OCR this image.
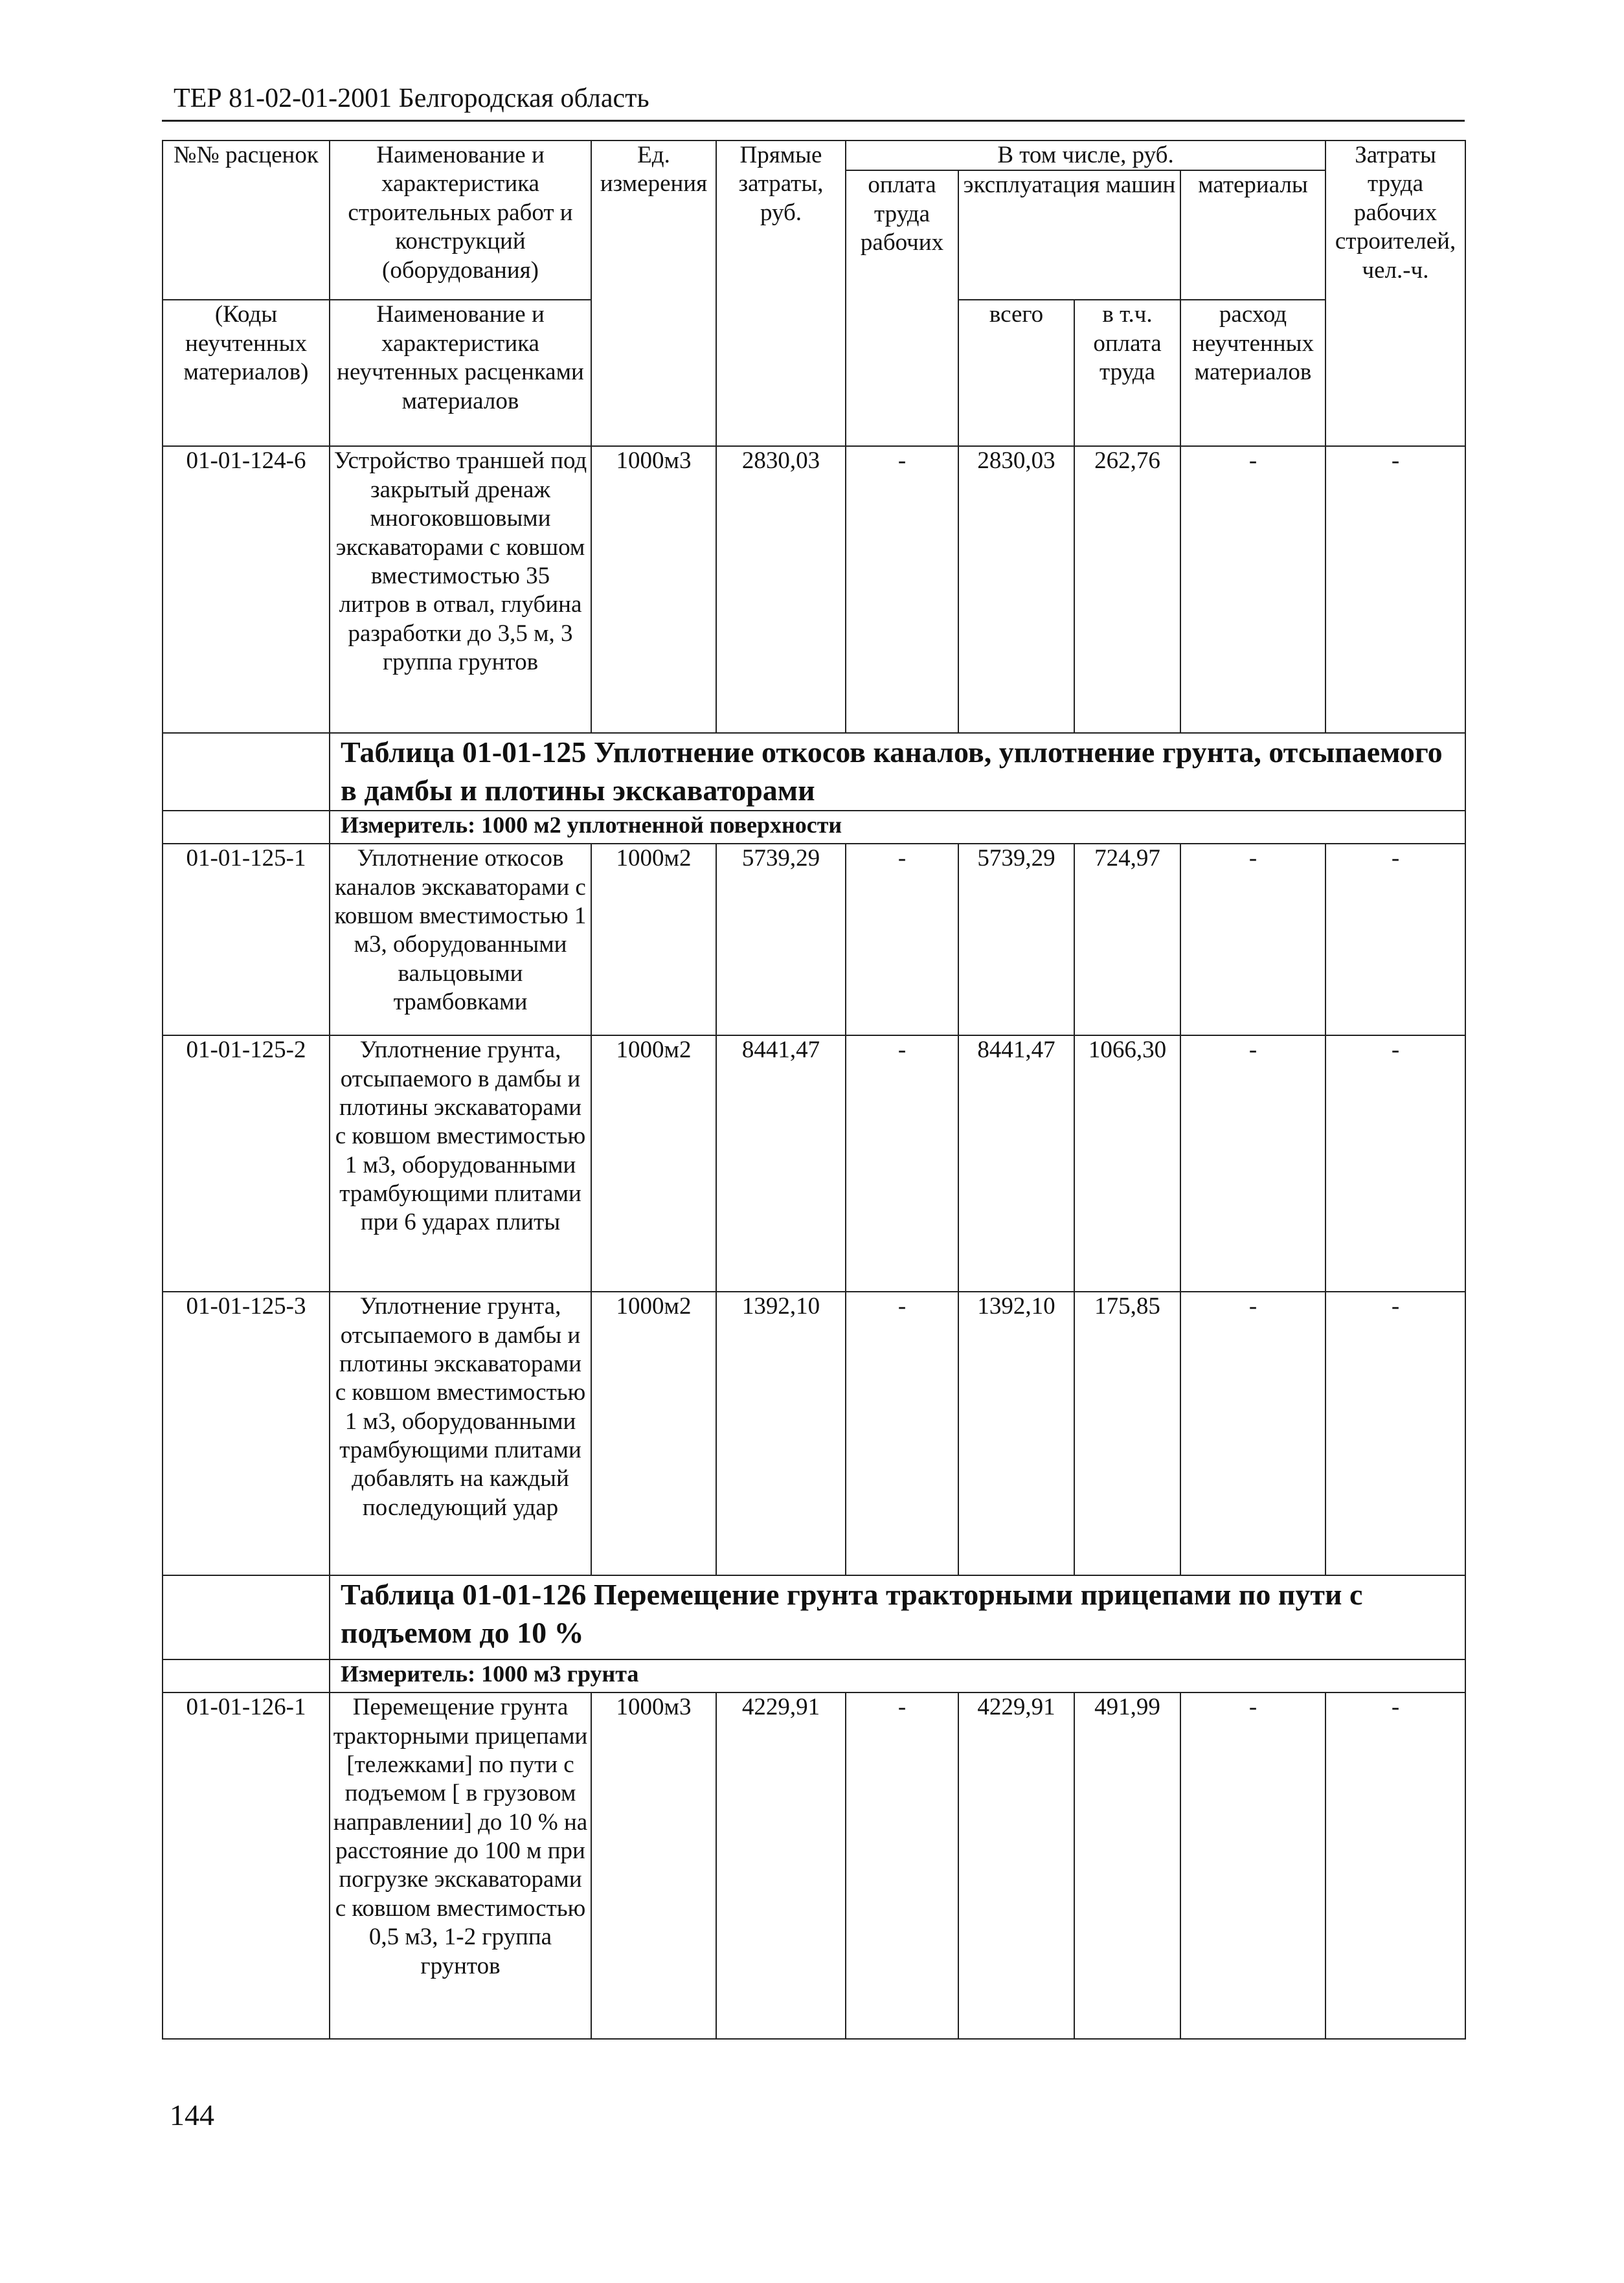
ТЕР 81-02-01-2001 Белгородская область
№№ расценок	Наименование и характеристика строительных работ и конструкций (оборудования)	Ед. измерения	Прямые затраты, руб.	В том числе, руб.				Затраты труда рабочих строителей, чел.-ч.
				оплата труда рабочих	эксплуатация машин		материалы	
(Коды неучтенных материалов)	Наименование и характеристика неучтенных расценками материалов				всего	в т.ч. оплата труда	расход неучтенных материалов	
01-01-124-6	Устройство траншей под закрытый дренаж многоковшовыми экскаваторами с ковшом вместимостью 35 литров в отвал, глубина разработки до 3,5 м, 3 группа грунтов	1000м3	2830,03	-	2830,03	262,76	-	-
	Таблица 01-01-125 Уплотнение откосов каналов, уплотнение грунта, отсыпаемого в дамбы и плотины экскаваторами							
	Измеритель: 1000 м2 уплотненной поверхности							
01-01-125-1	Уплотнение откосов каналов экскаваторами с ковшом вместимостью 1 м3, оборудованными вальцовыми трамбовками	1000м2	5739,29	-	5739,29	724,97	-	-
01-01-125-2	Уплотнение грунта, отсыпаемого в дамбы и плотины экскаваторами с ковшом вместимостью 1 м3, оборудованными трамбующими плитами при 6 ударах плиты	1000м2	8441,47	-	8441,47	1066,30	-	-
01-01-125-3	Уплотнение грунта, отсыпаемого в дамбы и плотины экскаваторами с ковшом вместимостью 1 м3, оборудованными трамбующими плитами добавлять на каждый последующий удар	1000м2	1392,10	-	1392,10	175,85	-	-
	Таблица 01-01-126 Перемещение грунта тракторными прицепами по пути с подъемом до 10 %							
	Измеритель: 1000 м3 грунта							
01-01-126-1	Перемещение грунта тракторными прицепами [тележками] по пути с подъемом [ в грузовом направлении] до 10 % на расстояние до 100 м при погрузке экскаваторами с ковшом вместимостью 0,5 м3, 1-2 группа грунтов	1000м3	4229,91	-	4229,91	491,99	-	-
144
